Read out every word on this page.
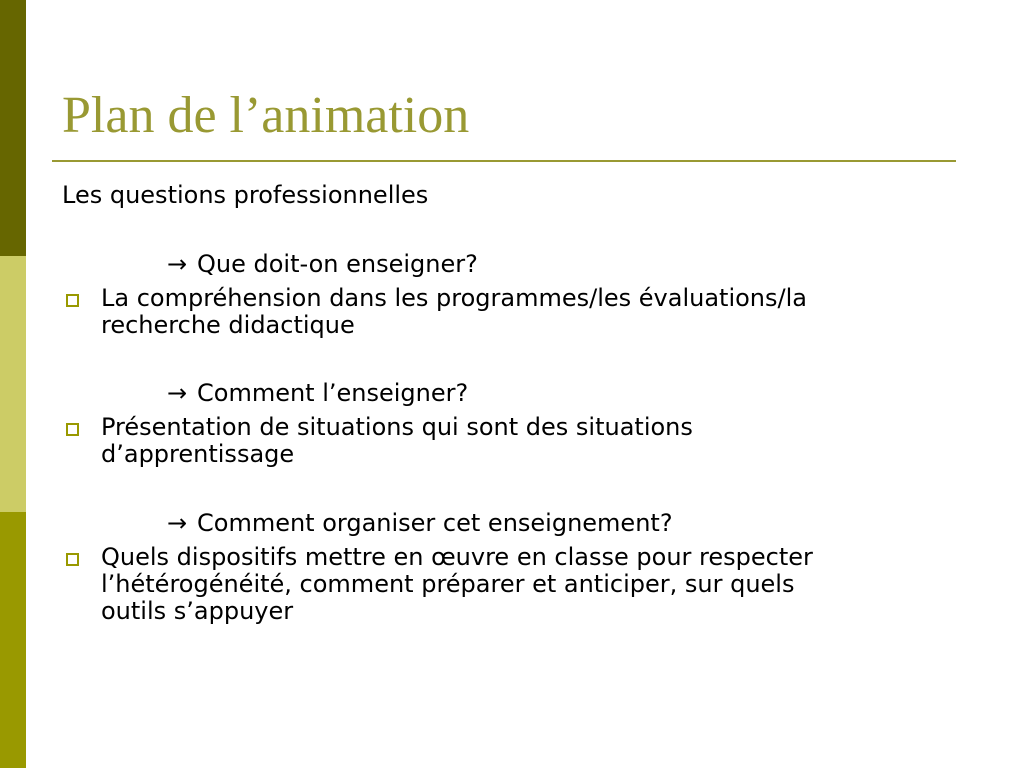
Plan de l’animation
Les questions professionnelles
→ Que doit-on enseigner?
La compréhension dans les programmes/les évaluations/la
recherche didactique
→ Comment l’enseigner?
Présentation de situations qui sont des situations
d’apprentissage
→ Comment organiser cet enseignement?
Quels dispositifs mettre en œuvre en classe pour respecter
l’hétérogénéité, comment préparer et anticiper, sur quels
outils s’appuyer
